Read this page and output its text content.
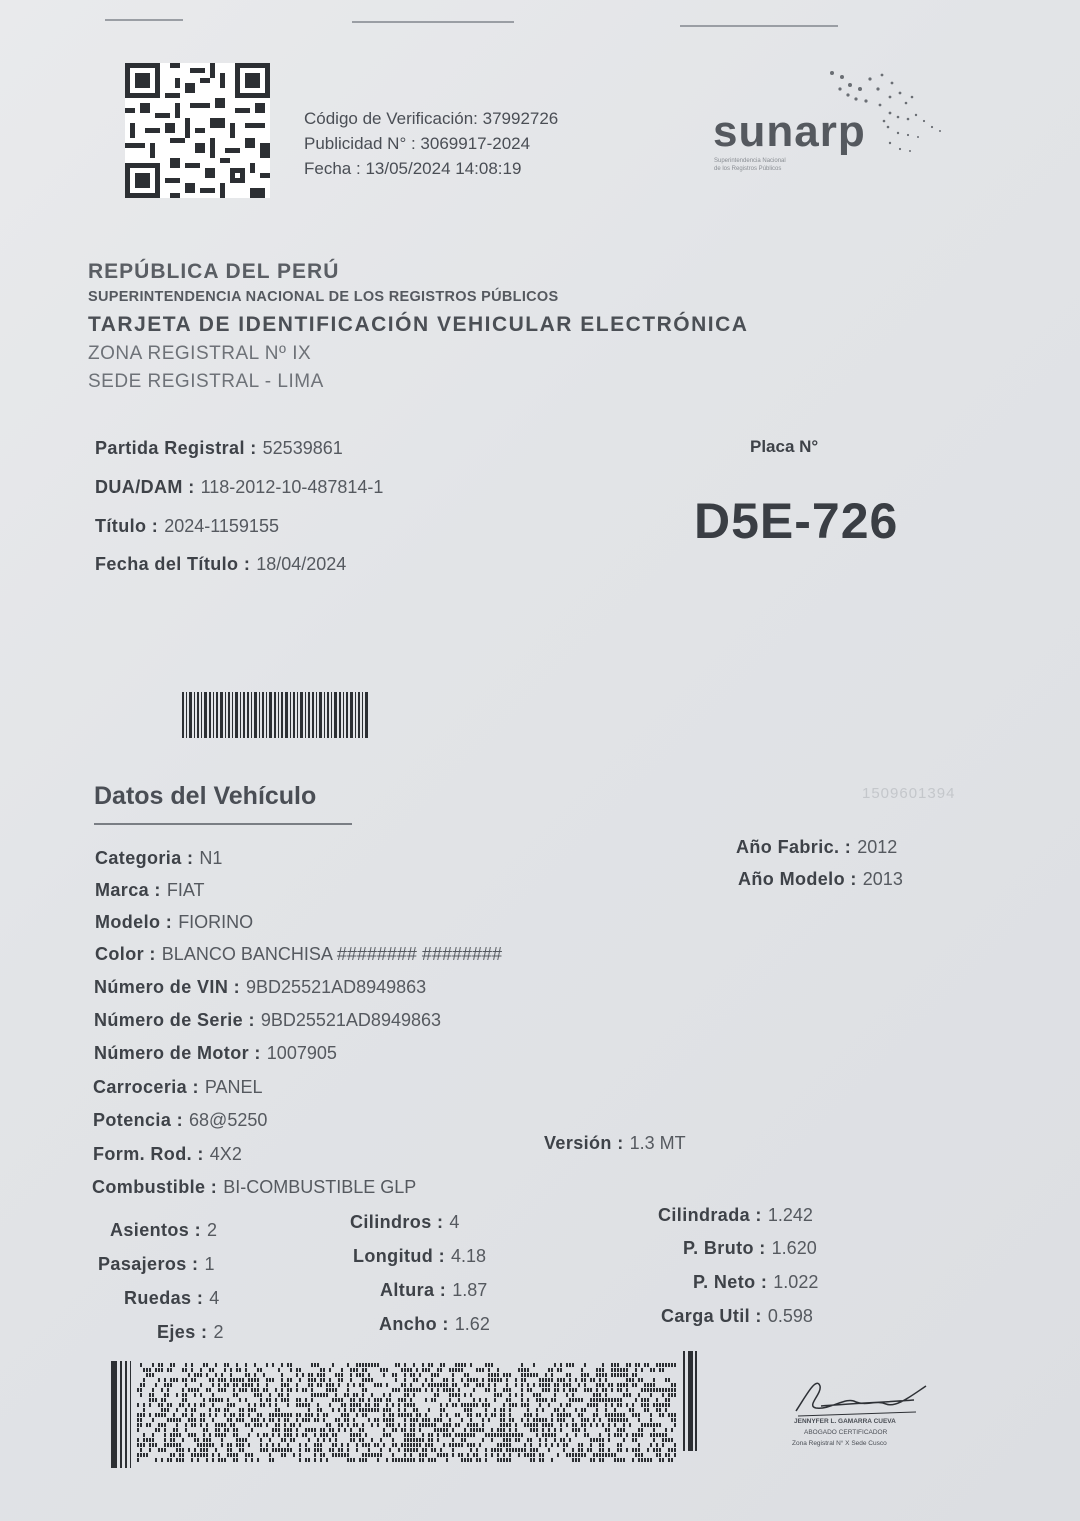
Código de Verificación: 37992726
Publicidad N° : 3069917-2024
Fecha : 13/05/2024 14:08:19
sunarp
Superintendencia Nacional
de los Registros Públicos
REPÚBLICA DEL PERÚ
SUPERINTENDENCIA NACIONAL DE LOS REGISTROS PÚBLICOS
TARJETA DE IDENTIFICACIÓN VEHICULAR ELECTRÓNICA
ZONA REGISTRAL Nº IX
SEDE REGISTRAL - LIMA
Partida Registral : 52539861
DUA/DAM : 118-2012-10-487814-1
Título : 2024-1159155
Fecha del Título : 18/04/2024
Placa N°
D5E-726
Datos del Vehículo	1509601394
Categoria : N1
Marca : FIAT
Modelo : FIORINO
Color : BLANCO BANCHISA ######## ########
Número de VIN : 9BD25521AD8949863
Número de Serie : 9BD25521AD8949863
Número de Motor : 1007905
Carroceria : PANEL
Potencia : 68@5250
Form. Rod. : 4X2
Combustible : BI-COMBUSTIBLE GLP
Versión : 1.3 MT
Año Fabric. : 2012
Año Modelo : 2013
Asientos : 2
Pasajeros : 1
Ruedas : 4
Ejes : 2
Cilindros : 4
Longitud : 4.18
Altura : 1.87
Ancho : 1.62
Cilindrada : 1.242
P. Bruto : 1.620
P. Neto : 1.022
Carga Util : 0.598
JENNYFER L. GAMARRA CUEVA
ABOGADO CERTIFICADOR
Zona Registral N° X Sede Cusco
